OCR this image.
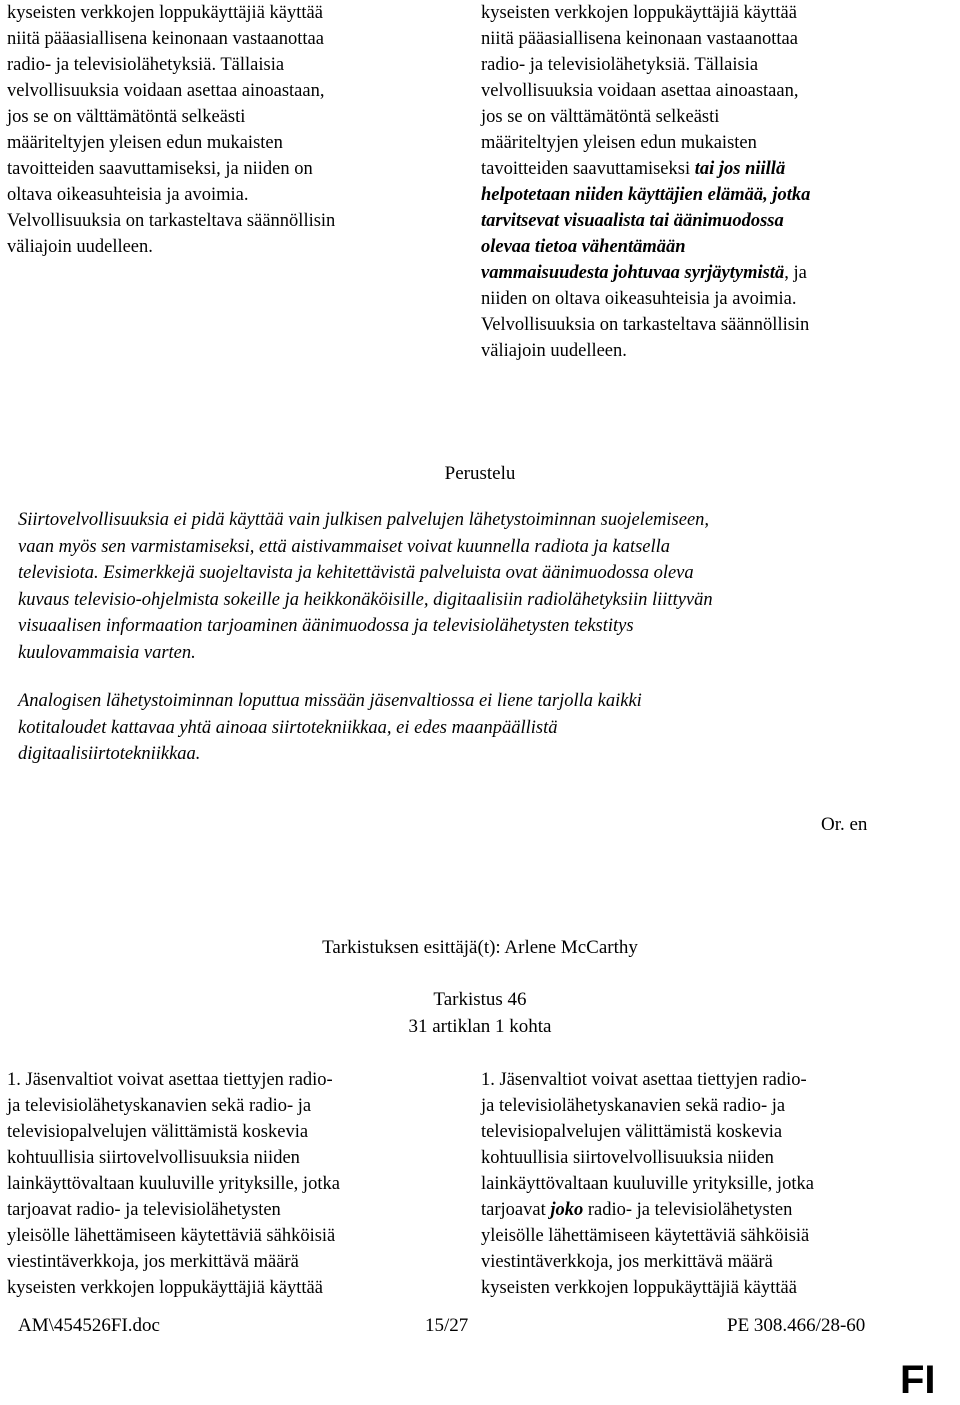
kyseisten verkkojen loppukäyttäjiä käyttää
niitä pääasiallisena keinonaan vastaanottaa
radio- ja televisiolähetyksiä. Tällaisia
velvollisuuksia voidaan asettaa ainoastaan,
jos se on välttämätöntä selkeästi
määriteltyjen yleisen edun mukaisten
tavoitteiden saavuttamiseksi, ja niiden on
oltava oikeasuhteisia ja avoimia.
Velvollisuuksia on tarkasteltava säännöllisin
väliajoin uudelleen.
kyseisten verkkojen loppukäyttäjiä käyttää
niitä pääasiallisena keinonaan vastaanottaa
radio- ja televisiolähetyksiä. Tällaisia
velvollisuuksia voidaan asettaa ainoastaan,
jos se on välttämätöntä selkeästi
määriteltyjen yleisen edun mukaisten
tavoitteiden saavuttamiseksi tai jos niillä
helpotetaan niiden käyttäjien elämää, jotka
tarvitsevat visuaalista tai äänimuodossa
olevaa tietoa vähentämään
vammaisuudesta johtuvaa syrjäytymistä, ja
niiden on oltava oikeasuhteisia ja avoimia.
Velvollisuuksia on tarkasteltava säännöllisin
väliajoin uudelleen.
Perustelu
Siirtovelvollisuuksia ei pidä käyttää vain julkisen palvelujen lähetystoiminnan suojelemiseen,
vaan myös sen varmistamiseksi, että aistivammaiset voivat kuunnella radiota ja katsella
televisiota. Esimerkkejä suojeltavista ja kehitettävistä palveluista ovat äänimuodossa oleva
kuvaus televisio-ohjelmista sokeille ja heikkonäköisille, digitaalisiin radiolähetyksiin liittyvän
visuaalisen informaation tarjoaminen äänimuodossa ja televisiolähetysten tekstitys
kuulovammaisia varten.
Analogisen lähetystoiminnan loputtua missään jäsenvaltiossa ei liene tarjolla kaikki
kotitaloudet kattavaa yhtä ainoaa siirtotekniikkaa, ei edes maanpäällistä
digitaalisiirtotekniikkaa.
Or. en
Tarkistuksen esittäjä(t): Arlene McCarthy
Tarkistus 46
31 artiklan 1 kohta
1. Jäsenvaltiot voivat asettaa tiettyjen radio-
ja televisiolähetyskanavien sekä radio- ja
televisiopalvelujen välittämistä koskevia
kohtuullisia siirtovelvollisuuksia niiden
lainkäyttövaltaan kuuluville yrityksille, jotka
tarjoavat radio- ja televisiolähetysten
yleisölle lähettämiseen käytettäviä sähköisiä
viestintäverkkoja, jos merkittävä määrä
kyseisten verkkojen loppukäyttäjiä käyttää
1. Jäsenvaltiot voivat asettaa tiettyjen radio-
ja televisiolähetyskanavien sekä radio- ja
televisiopalvelujen välittämistä koskevia
kohtuullisia siirtovelvollisuuksia niiden
lainkäyttövaltaan kuuluville yrityksille, jotka
tarjoavat joko radio- ja televisiolähetysten
yleisölle lähettämiseen käytettäviä sähköisiä
viestintäverkkoja, jos merkittävä määrä
kyseisten verkkojen loppukäyttäjiä käyttää
AM\454526FI.doc	15/27	PE 308.466/28-60
FI
